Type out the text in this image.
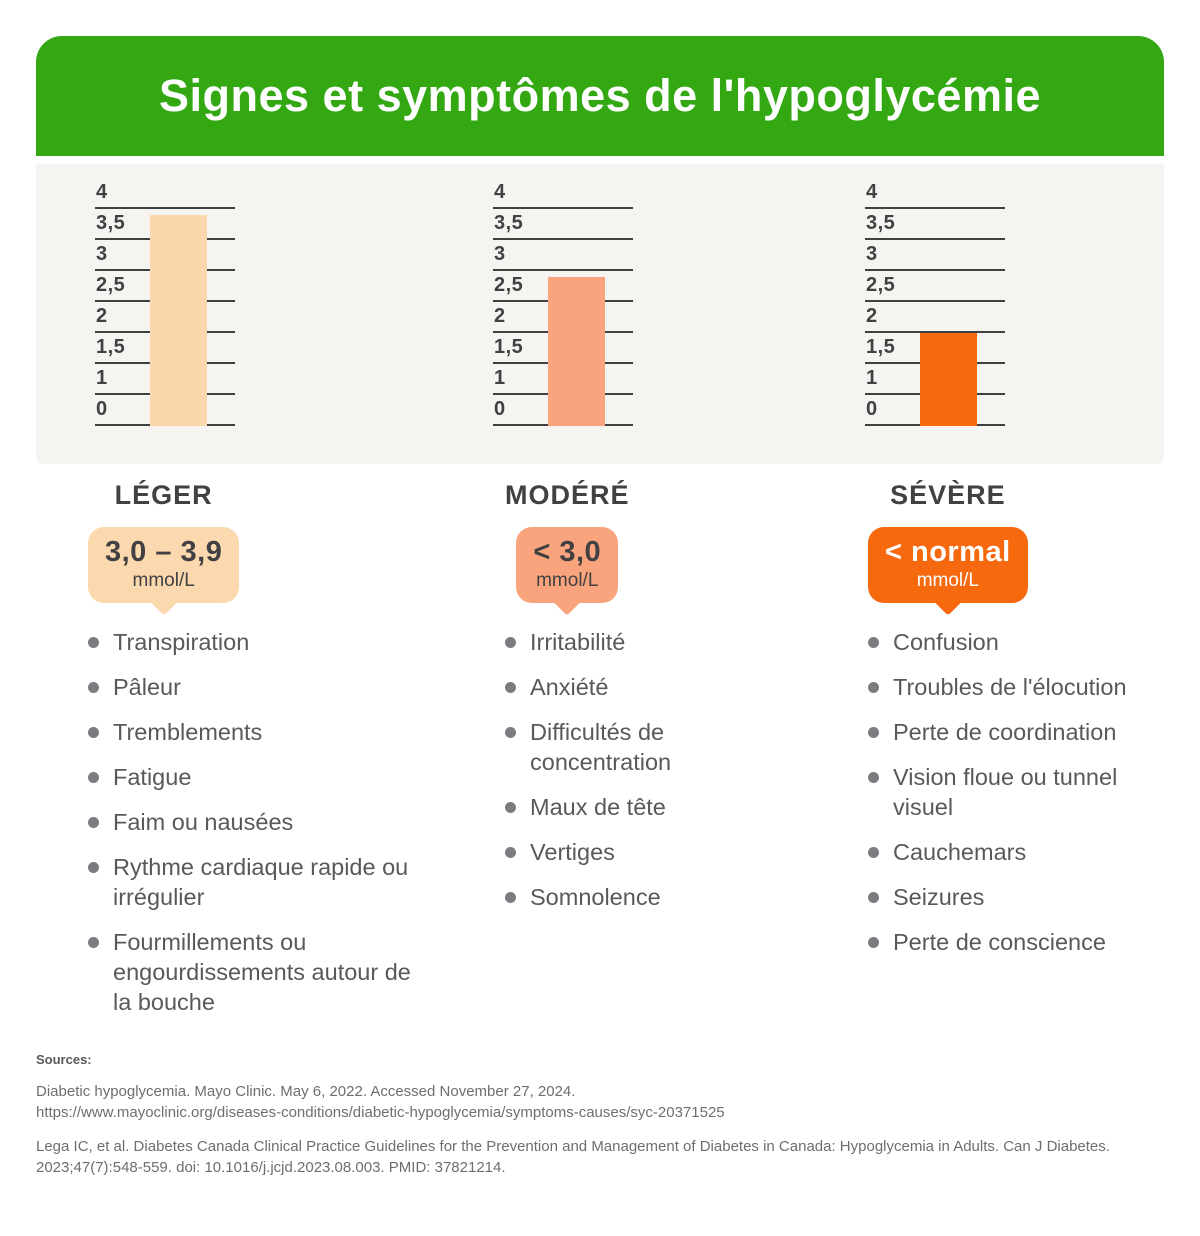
Signes et symptômes de l'hypoglycémie
4
3,5
3
2,5
2
1,5
1
0
4
3,5
3
2,5
2
1,5
1
0
4
3,5
3
2,5
2
1,5
1
0
LÉGER
3,0 – 3,9
mmol/L
Transpiration
Pâleur
Tremblements
Fatigue
Faim ou nausées
Rythme cardiaque rapide ou irrégulier
Fourmillements ou engourdissements autour de la bouche
MODÉRÉ
< 3,0
mmol/L
Irritabilité
Anxiété
Difficultés de concentration
Maux de tête
Vertiges
Somnolence
SÉVÈRE
< normal
mmol/L
Confusion
Troubles de l'élocution
Perte de coordination
Vision floue ou tunnel visuel
Cauchemars
Seizures
Perte de conscience
Sources:
Diabetic hypoglycemia. Mayo Clinic. May 6, 2022. Accessed November 27, 2024.
https://www.mayoclinic.org/diseases-conditions/diabetic-hypoglycemia/symptoms-causes/syc-20371525
Lega IC, et al. Diabetes Canada Clinical Practice Guidelines for the Prevention and Management of Diabetes in Canada: Hypoglycemia in Adults. Can J Diabetes.
2023;47(7):548-559. doi: 10.1016/j.jcjd.2023.08.003. PMID: 37821214.
